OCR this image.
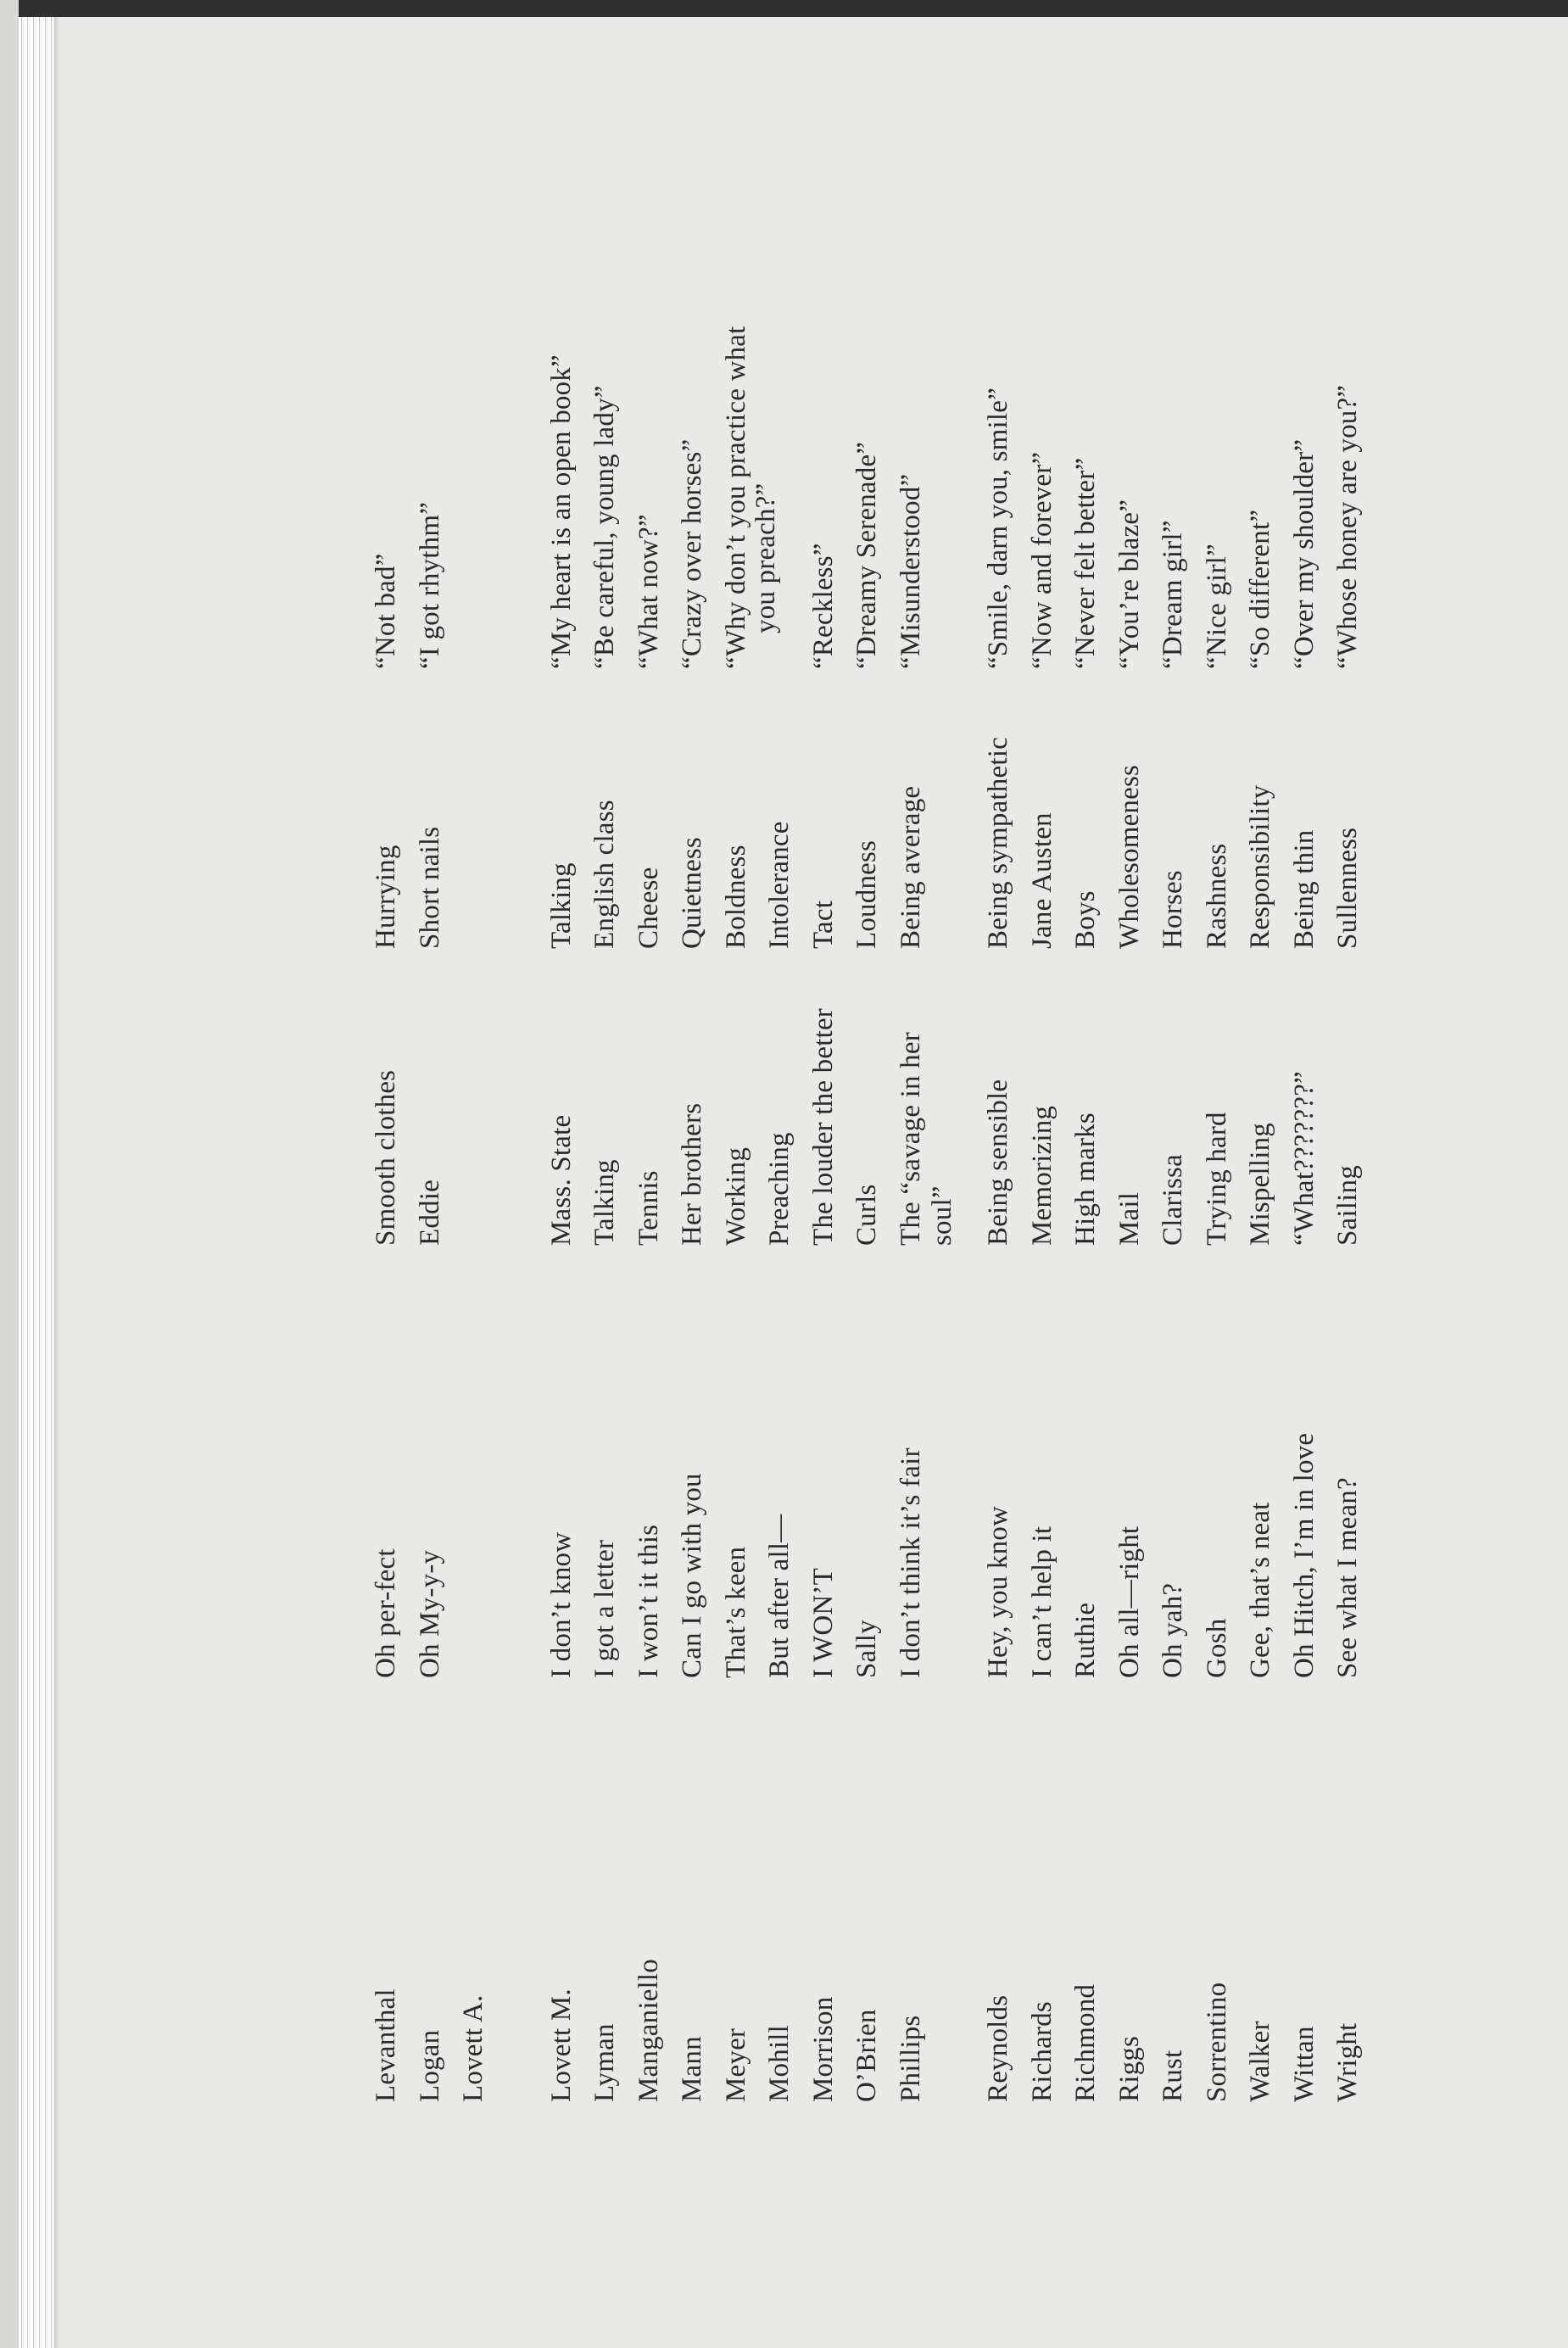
Levanthal
Oh per-fect
Smooth clothes
Hurrying
“Not bad”
Logan
Oh My-y-y
Eddie
Short nails
“I got rhythm”
Lovett A. Lovett M.
I don’t know
Mass. State
Talking
“My heart is an open book”
Lyman
I got a letter
Talking
English class
“Be careful, young lady”
Manganiello
I won’t it this
Tennis
Cheese
“What now?”
Mann
Can I go with you
Her brothers
Quietness
“Crazy over horses”
Meyer
That’s keen
Working
Boldness
“Why don’t you practice what you preach?”
Mohill
But after all—
Preaching
Intolerance
Morrison
I WON’T
The louder the better
Tact
“Reckless”
O’Brien
Sally
Curls
Loudness
“Dreamy Serenade”
Phillips
I don’t think it’s fair
The “savage in her soul”
Being average
“Misunderstood”
Reynolds
Hey, you know
Being sensible
Being sympathetic
“Smile, darn you, smile”
Richards
I can’t help it
Memorizing
Jane Austen
“Now and forever”
Richmond
Ruthie
High marks
Boys
“Never felt better”
Riggs
Oh all—right
Mail
Wholesomeness
“You’re blaze”
Rust
Oh yah?
Clarissa
Horses
“Dream girl”
Sorrentino
Gosh
Trying hard
Rashness
“Nice girl”
Walker
Gee, that’s neat
Mispelling
Responsibility
“So different”
Wittan
Oh Hitch, I’m in love
“What???????”
Being thin
“Over my shoulder”
Wright
See what I mean?
Sailing
Sullenness
“Whose honey are you?”
